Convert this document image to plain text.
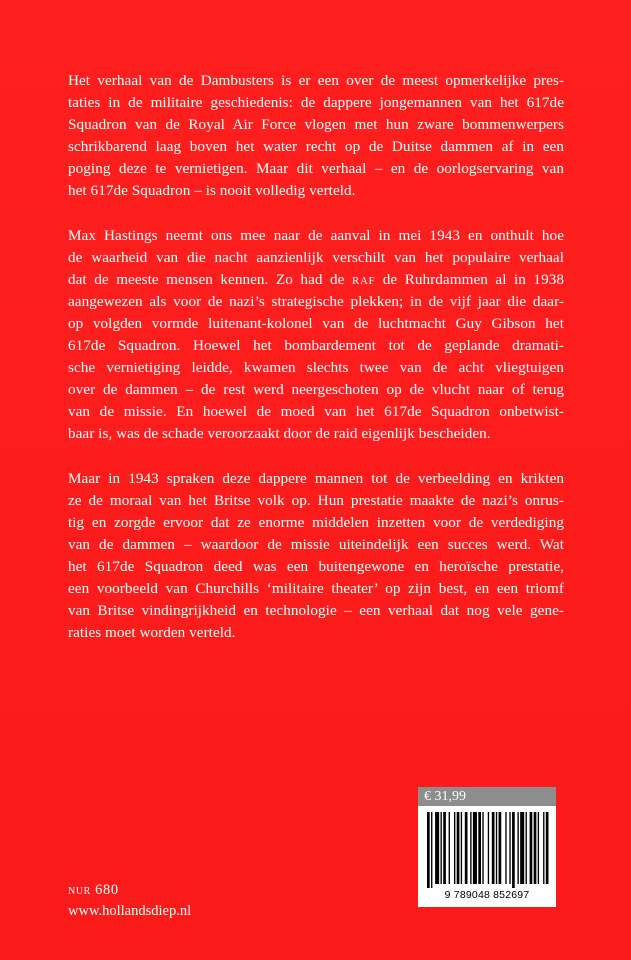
Het verhaal van de Dambusters is er een over de meest opmerkelijke pres-
taties in de militaire geschiedenis: de dappere jongemannen van het 617de
Squadron van de Royal Air Force vlogen met hun zware bommenwerpers
schrikbarend laag boven het water recht op de Duitse dammen af in een
poging deze te vernietigen. Maar dit verhaal – en de oorlogservaring van
het 617de Squadron – is nooit volledig verteld.

Max Hastings neemt ons mee naar de aanval in mei 1943 en onthult hoe
de waarheid van die nacht aanzienlijk verschilt van het populaire verhaal
dat de meeste mensen kennen. Zo had de raf de Ruhrdammen al in 1938
aangewezen als voor de nazi’s strategische plekken; in de vijf jaar die daar-
op volgden vormde luitenant-kolonel van de luchtmacht Guy Gibson het
617de Squadron. Hoewel het bombardement tot de geplande dramati-
sche vernietiging leidde, kwamen slechts twee van de acht vliegtuigen
over de dammen – de rest werd neergeschoten op de vlucht naar of terug
van de missie. En hoewel de moed van het 617de Squadron onbetwist-
baar is, was de schade veroorzaakt door de raid eigenlijk bescheiden.

Maar in 1943 spraken deze dappere mannen tot de verbeelding en krikten
ze de moraal van het Britse volk op. Hun prestatie maakte de nazi’s onrus-
tig en zorgde ervoor dat ze enorme middelen inzetten voor de verdediging
van de dammen – waardoor de missie uiteindelijk een succes werd. Wat
het 617de Squadron deed was een buitengewone en heroïsche prestatie,
een voorbeeld van Churchills ‘militaire theater’ op zijn best, en een triomf
van Britse vindingrijkheid en technologie – een verhaal dat nog vele gene-
raties moet worden verteld.

€ 31,99
9 789048 852697
nur 680
www.hollandsdiep.nl
